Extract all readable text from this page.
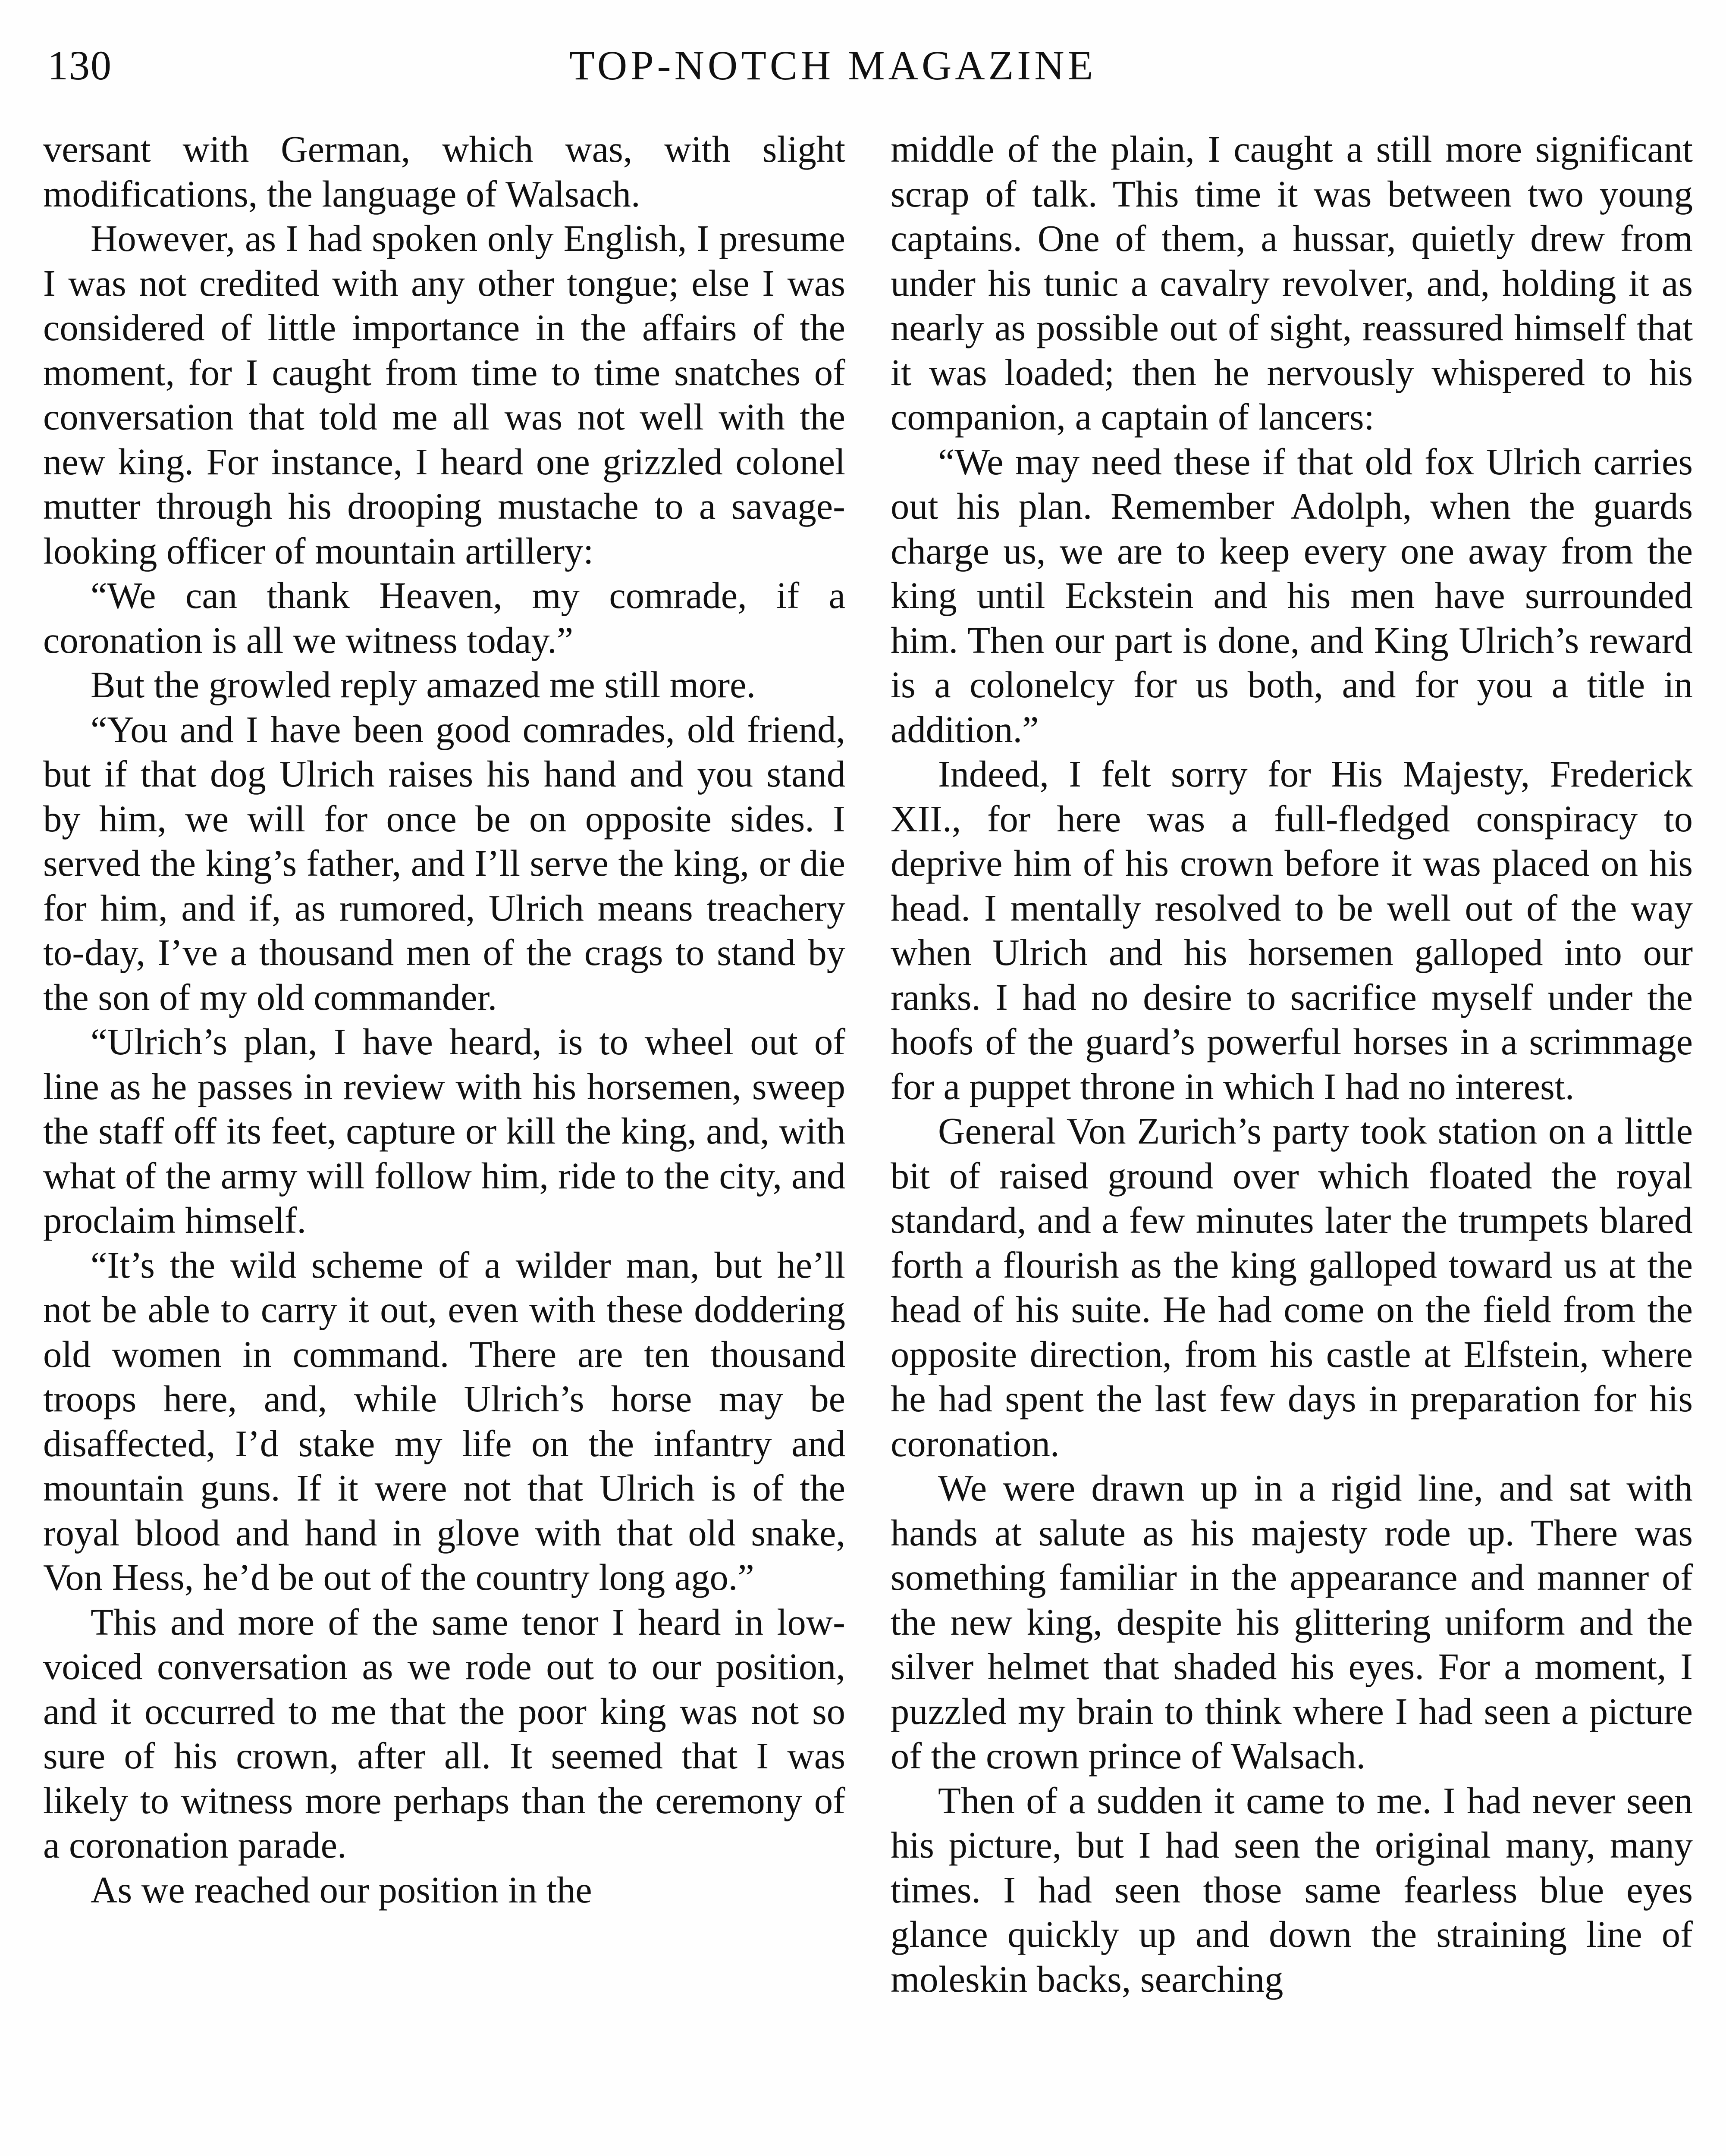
130	TOP-NOTCH MAGAZINE

versant with German, which was, with slight modifications, the language of Walsach.

However, as I had spoken only English, I presume I was not credited with any other tongue; else I was considered of little importance in the affairs of the moment, for I caught from time to time snatches of conversation that told me all was not well with the new king. For instance, I heard one grizzled colonel mutter through his drooping mustache to a savage-looking officer of mountain artillery:

“We can thank Heaven, my comrade, if a coronation is all we witness today.”

But the growled reply amazed me still more.

“You and I have been good comrades, old friend, but if that dog Ulrich raises his hand and you stand by him, we will for once be on opposite sides. I served the king’s father, and I’ll serve the king, or die for him, and if, as rumored, Ulrich means treachery to-day, I’ve a thousand men of the crags to stand by the son of my old commander.

“Ulrich’s plan, I have heard, is to wheel out of line as he passes in review with his horsemen, sweep the staff off its feet, capture or kill the king, and, with what of the army will follow him, ride to the city, and proclaim himself.

“It’s the wild scheme of a wilder man, but he’ll not be able to carry it out, even with these doddering old women in command. There are ten thousand troops here, and, while Ulrich’s horse may be disaffected, I’d stake my life on the infantry and mountain guns. If it were not that Ulrich is of the royal blood and hand in glove with that old snake, Von Hess, he’d be out of the country long ago.”

This and more of the same tenor I heard in low-voiced conversation as we rode out to our position, and it occurred to me that the poor king was not so sure of his crown, after all. It seemed that I was likely to witness more perhaps than the ceremony of a coronation parade.

As we reached our position in the

middle of the plain, I caught a still more significant scrap of talk. This time it was between two young captains. One of them, a hussar, quietly drew from under his tunic a cavalry revolver, and, holding it as nearly as possible out of sight, reassured himself that it was loaded; then he nervously whispered to his companion, a captain of lancers:

“We may need these if that old fox Ulrich carries out his plan. Remember Adolph, when the guards charge us, we are to keep every one away from the king until Eckstein and his men have surrounded him. Then our part is done, and King Ulrich’s reward is a colonelcy for us both, and for you a title in addition.”

Indeed, I felt sorry for His Majesty, Frederick XII., for here was a full-fledged conspiracy to deprive him of his crown before it was placed on his head. I mentally resolved to be well out of the way when Ulrich and his horsemen galloped into our ranks. I had no desire to sacrifice myself under the hoofs of the guard’s powerful horses in a scrimmage for a puppet throne in which I had no interest.

General Von Zurich’s party took station on a little bit of raised ground over which floated the royal standard, and a few minutes later the trumpets blared forth a flourish as the king galloped toward us at the head of his suite. He had come on the field from the opposite direction, from his castle at Elfstein, where he had spent the last few days in preparation for his coronation.

We were drawn up in a rigid line, and sat with hands at salute as his majesty rode up. There was something familiar in the appearance and manner of the new king, despite his glittering uniform and the silver helmet that shaded his eyes. For a moment, I puzzled my brain to think where I had seen a picture of the crown prince of Walsach.

Then of a sudden it came to me. I had never seen his picture, but I had seen the original many, many times. I had seen those same fearless blue eyes glance quickly up and down the straining line of moleskin backs, searching
